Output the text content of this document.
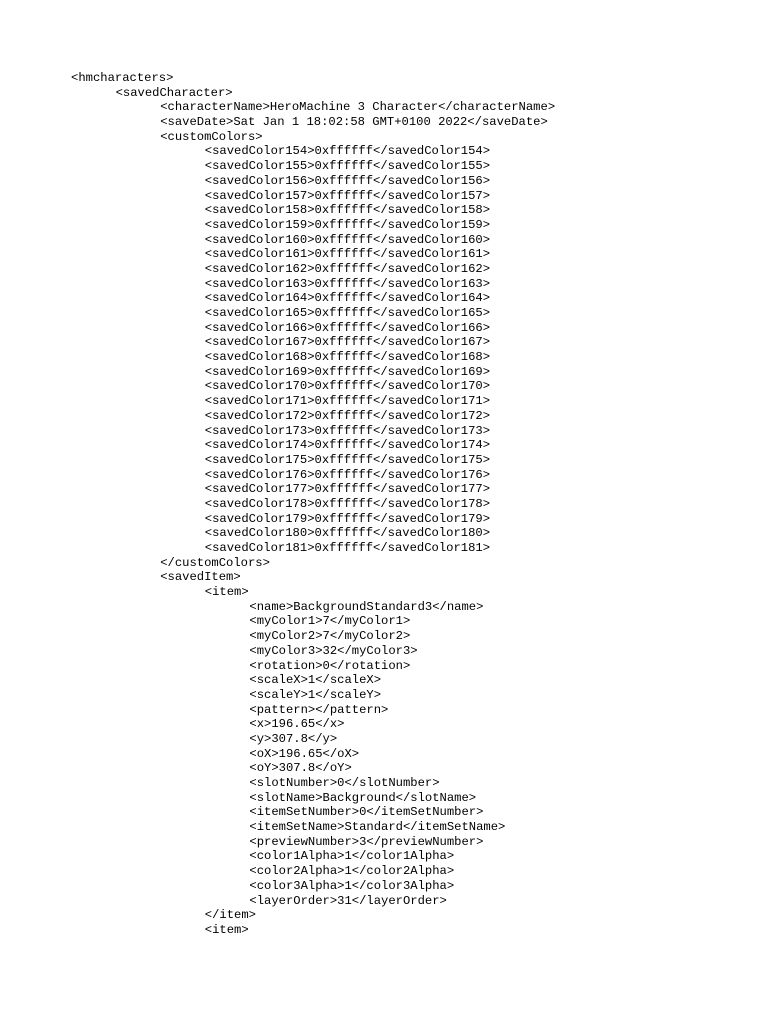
<hmcharacters>
<savedCharacter>
<characterName>HeroMachine 3 Character</characterName>
<saveDate>Sat Jan 1 18:02:58 GMT+0100 2022</saveDate>
<customColors>
<savedColor154>0xffffff</savedColor154>
<savedColor155>0xffffff</savedColor155>
<savedColor156>0xffffff</savedColor156>
<savedColor157>0xffffff</savedColor157>
<savedColor158>0xffffff</savedColor158>
<savedColor159>0xffffff</savedColor159>
<savedColor160>0xffffff</savedColor160>
<savedColor161>0xffffff</savedColor161>
<savedColor162>0xffffff</savedColor162>
<savedColor163>0xffffff</savedColor163>
<savedColor164>0xffffff</savedColor164>
<savedColor165>0xffffff</savedColor165>
<savedColor166>0xffffff</savedColor166>
<savedColor167>0xffffff</savedColor167>
<savedColor168>0xffffff</savedColor168>
<savedColor169>0xffffff</savedColor169>
<savedColor170>0xffffff</savedColor170>
<savedColor171>0xffffff</savedColor171>
<savedColor172>0xffffff</savedColor172>
<savedColor173>0xffffff</savedColor173>
<savedColor174>0xffffff</savedColor174>
<savedColor175>0xffffff</savedColor175>
<savedColor176>0xffffff</savedColor176>
<savedColor177>0xffffff</savedColor177>
<savedColor178>0xffffff</savedColor178>
<savedColor179>0xffffff</savedColor179>
<savedColor180>0xffffff</savedColor180>
<savedColor181>0xffffff</savedColor181>
</customColors>
<savedItem>
<item>
<name>BackgroundStandard3</name>
<myColor1>7</myColor1>
<myColor2>7</myColor2>
<myColor3>32</myColor3>
<rotation>0</rotation>
<scaleX>1</scaleX>
<scaleY>1</scaleY>
<pattern></pattern>
<x>196.65</x>
<y>307.8</y>
<oX>196.65</oX>
<oY>307.8</oY>
<slotNumber>0</slotNumber>
<slotName>Background</slotName>
<itemSetNumber>0</itemSetNumber>
<itemSetName>Standard</itemSetName>
<previewNumber>3</previewNumber>
<color1Alpha>1</color1Alpha>
<color2Alpha>1</color2Alpha>
<color3Alpha>1</color3Alpha>
<layerOrder>31</layerOrder>
</item>
<item>
